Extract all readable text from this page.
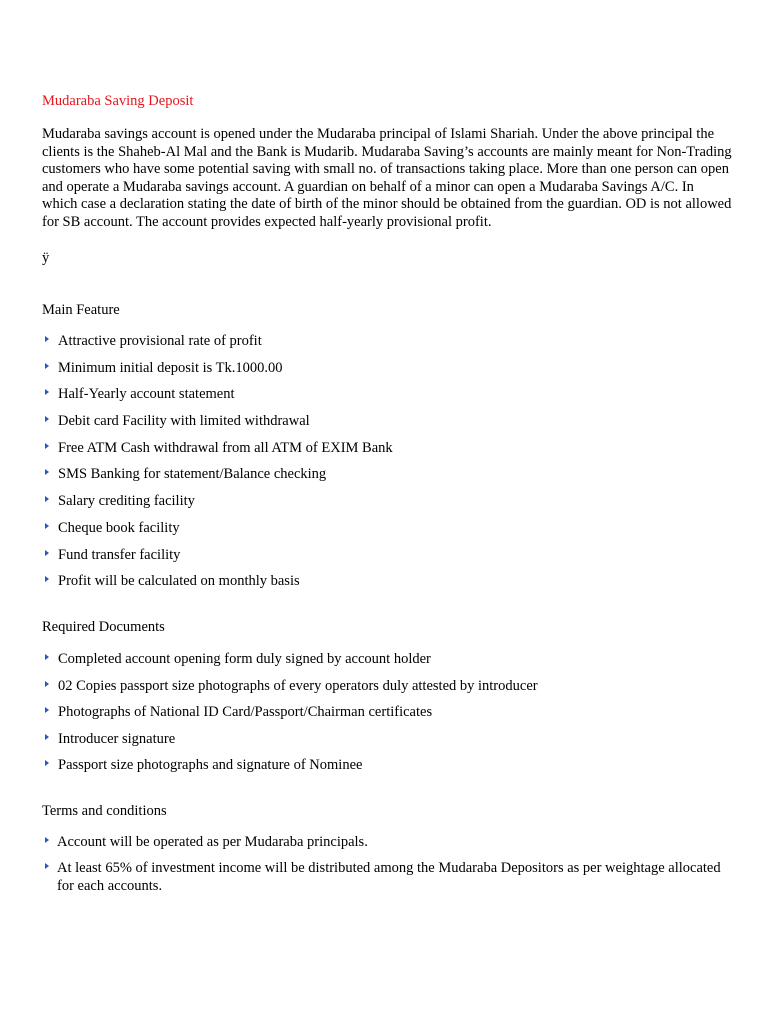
Mudaraba Saving Deposit

Mudaraba savings account is opened under the Mudaraba principal of Islami Shariah. Under the above principal the clients is the Shaheb-Al Mal and the Bank is Mudarib. Mudaraba Saving’s accounts are mainly meant for Non-Trading customers who have some potential saving with small no. of transactions taking place. More than one person can open and operate a Mudaraba savings account. A guardian on behalf of a minor can open a Mudaraba Savings A/C. In which case a declaration stating the date of birth of the minor should be obtained from the guardian. OD is not allowed for SB account. The account provides expected half-yearly provisional profit.

ÿ
Main Feature
Attractive provisional rate of profit
Minimum initial deposit is Tk.1000.00
Half-Yearly account statement
Debit card Facility with limited withdrawal
Free ATM Cash withdrawal from all ATM of EXIM Bank
SMS Banking for statement/Balance checking
Salary crediting facility
Cheque book facility
Fund transfer facility
Profit will be calculated on monthly basis
Required Documents
Completed account opening form duly signed by account holder
02 Copies passport size photographs of every operators duly attested by introducer
Photographs of National ID Card/Passport/Chairman certificates
Introducer signature
Passport size photographs and signature of Nominee
Terms and conditions
Account will be operated as per Mudaraba principals.
At least 65% of investment income will be distributed among the Mudaraba Depositors as per weightage allocated for each accounts.
